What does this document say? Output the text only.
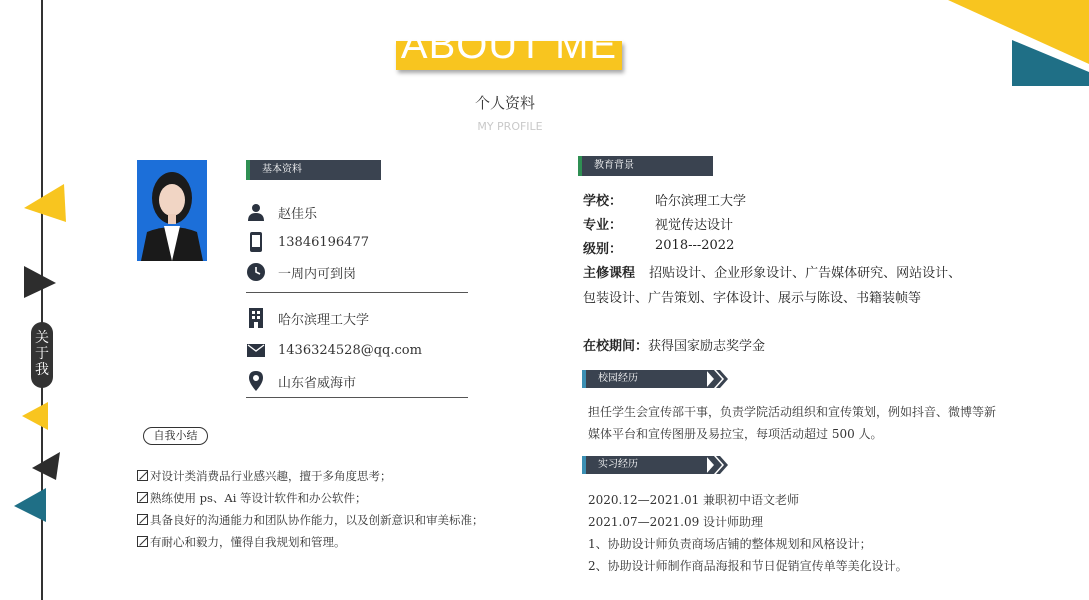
关
于
我
ABOUT ME
个人资料
MY PROFILE
基本资料
赵佳乐
13846196477
一周内可到岗
哈尔滨理工大学
1436324528@qq.com
山东省威海市
自我小结
对设计类消费品行业感兴趣，擅于多角度思考；
熟练使用 ps、Ai 等设计软件和办公软件；
具备良好的沟通能力和团队协作能力，以及创新意识和审美标准；
有耐心和毅力，懂得自我规划和管理。
教育背景
学校：	哈尔滨理工大学
专业：	视觉传达设计
级别：	2018---2022
主修课程 招贴设计、企业形象设计、广告媒体研究、网站设计、
包装设计、广告策划、字体设计、展示与陈设、书籍装帧等
在校期间：获得国家励志奖学金
校园经历
担任学生会宣传部干事，负责学院活动组织和宣传策划，例如抖音、微博等新
媒体平台和宣传图册及易拉宝，每项活动超过 500 人。
实习经历
2020.12—2021.01 兼职初中语文老师
2021.07—2021.09 设计师助理
1、协助设计师负责商场店铺的整体规划和风格设计；
2、协助设计师制作商品海报和节日促销宣传单等美化设计。
